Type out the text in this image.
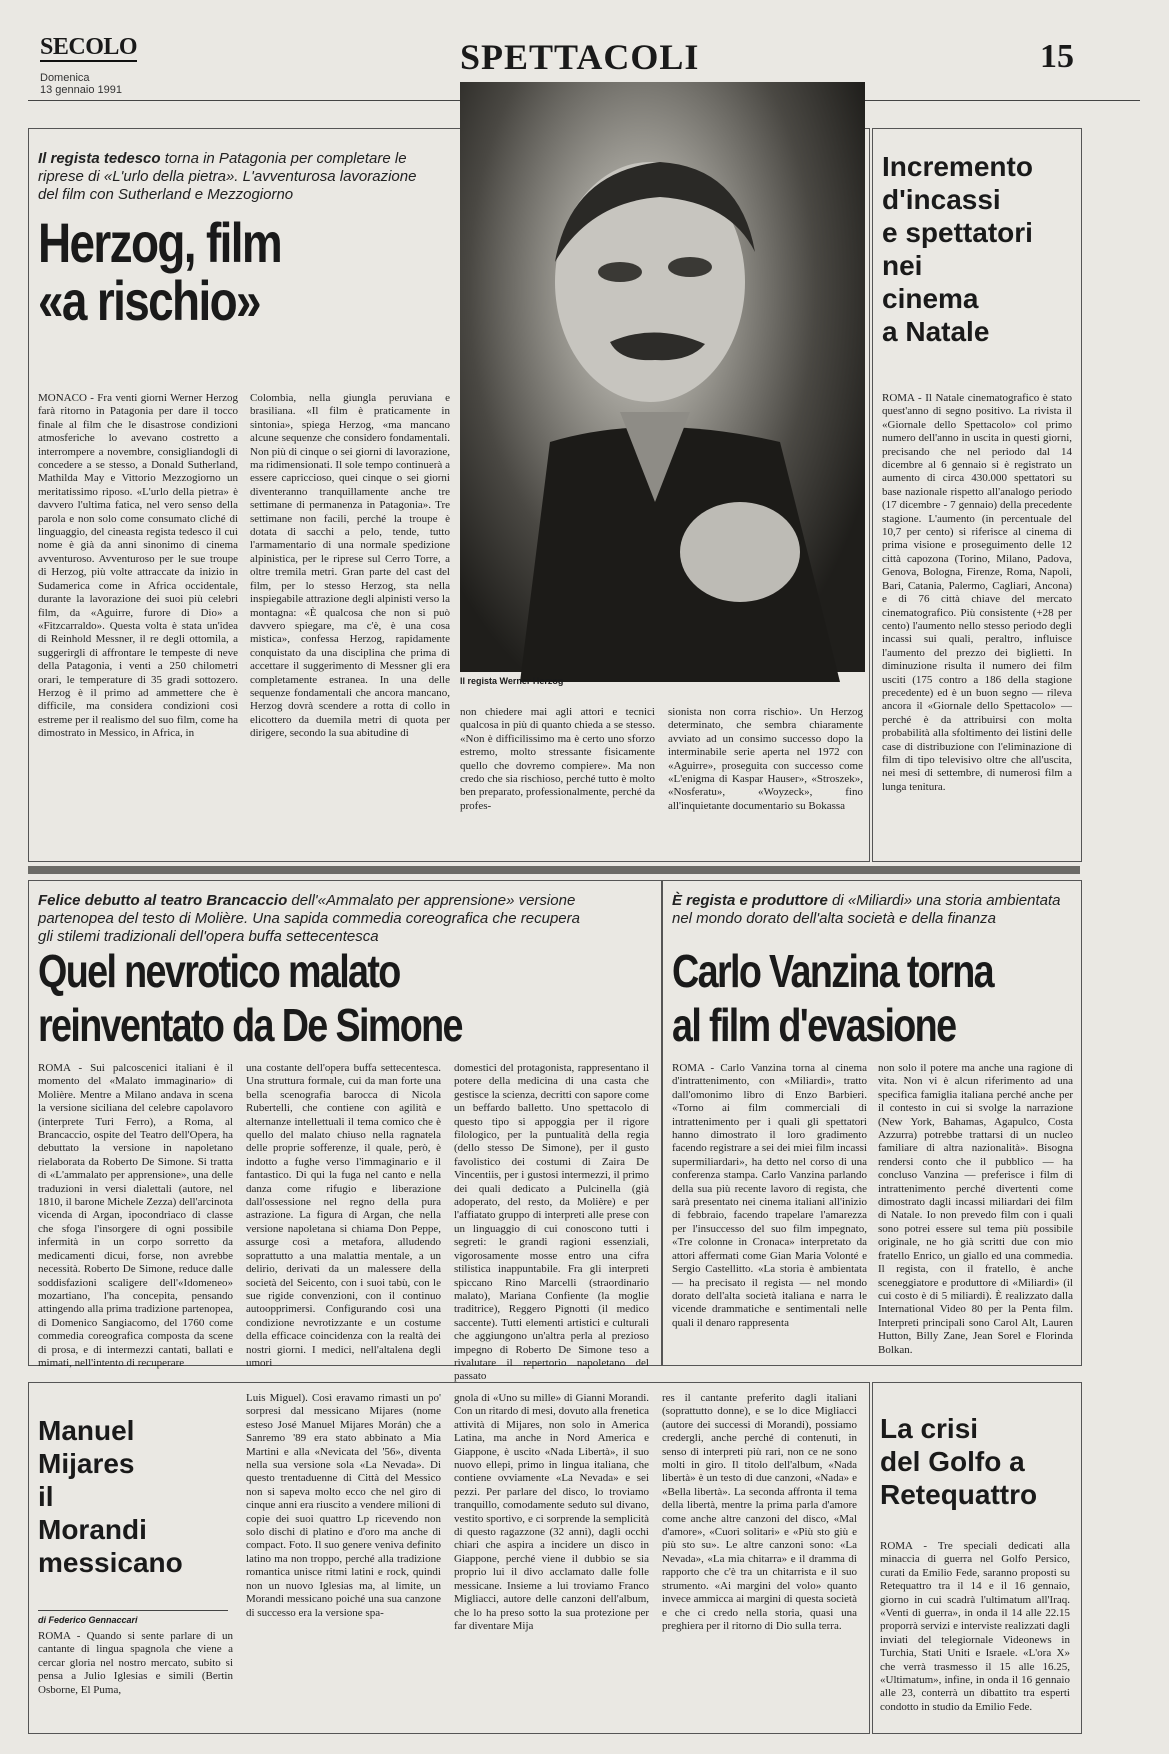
SECOLO
Domenica
13 gennaio 1991
SPETTACOLI	15
Il regista tedesco torna in Patagonia per completare le riprese di «L'urlo della pietra». L'avventurosa lavorazione del film con Sutherland e Mezzogiorno
Herzog, film
«a rischio»
Il regista Werner Herzog
MONACO - Fra venti giorni Werner Herzog farà ritorno in Patagonia per dare il tocco finale al film che le disastrose condizioni atmosferiche lo avevano costretto a interrompere a novembre, consigliandogli di concedere a se stesso, a Donald Sutherland, Mathilda May e Vittorio Mezzogiorno un meritatissimo riposo. «L'urlo della pietra» è davvero l'ultima fatica, nel vero senso della parola e non solo come consumato cliché di linguaggio, del cineasta regista tedesco il cui nome è già da anni sinonimo di cinema avventuroso. Avventuroso per le sue troupe di Herzog, più volte attraccate da inizio in Sudamerica come in Africa occidentale, durante la lavorazione dei suoi più celebri film, da «Aguirre, furore di Dio» a «Fitzcarraldo». Questa volta è stata un'idea di Reinhold Messner, il re degli ottomila, a suggerirgli di affrontare le tempeste di neve della Patagonia, i venti a 250 chilometri orari, le temperature di 35 gradi sottozero. Herzog è il primo ad ammettere che è difficile, ma considera condizioni così estreme per il realismo del suo film, come ha dimostrato in Messico, in Africa, in
Colombia, nella giungla peruviana e brasiliana. «Il film è praticamente in sintonia», spiega Herzog, «ma mancano alcune sequenze che considero fondamentali. Non più di cinque o sei giorni di lavorazione, ma ridimensionati. Il sole tempo continuerà a essere capriccioso, quei cinque o sei giorni diventeranno tranquillamente anche tre settimane di permanenza in Patagonia». Tre settimane non facili, perché la troupe è dotata di sacchi a pelo, tende, tutto l'armamentario di una normale spedizione alpinistica, per le riprese sul Cerro Torre, a oltre tremila metri. Gran parte del cast del film, per lo stesso Herzog, sta nella inspiegabile attrazione degli alpinisti verso la montagna: «È qualcosa che non si può davvero spiegare, ma c'è, è una cosa mistica», confessa Herzog, rapidamente conquistato da una disciplina che prima di accettare il suggerimento di Messner gli era completamente estranea. In una delle sequenze fondamentali che ancora mancano, Herzog dovrà scendere a rotta di collo in elicottero da duemila metri di quota per dirigere, secondo la sua abitudine di
non chiedere mai agli attori e tecnici qualcosa in più di quanto chieda a se stesso. «Non è difficilissimo ma è certo uno sforzo estremo, molto stressante fisicamente quello che dovremo compiere». Ma non credo che sia rischioso, perché tutto è molto ben preparato, professionalmente, perché da profes-
sionista non corra rischio». Un Herzog determinato, che sembra chiaramente avviato ad un consimo successo dopo la interminabile serie aperta nel 1972 con «Aguirre», proseguita con successo come «L'enigma di Kaspar Hauser», «Stroszek», «Nosferatu», «Woyzeck», fino all'inquietante documentario su Bokassa
Incremento
d'incassi
e spettatori
nei
cinema
a Natale
ROMA - Il Natale cinematografico è stato quest'anno di segno positivo. La rivista il «Giornale dello Spettacolo» col primo numero dell'anno in uscita in questi giorni, precisando che nel periodo dal 14 dicembre al 6 gennaio si è registrato un aumento di circa 430.000 spettatori su base nazionale rispetto all'analogo periodo (17 dicembre - 7 gennaio) della precedente stagione. L'aumento (in percentuale del 10,7 per cento) si riferisce al cinema di prima visione e proseguimento delle 12 città capozona (Torino, Milano, Padova, Genova, Bologna, Firenze, Roma, Napoli, Bari, Catania, Palermo, Cagliari, Ancona) e di 76 città chiave del mercato cinematografico. Più consistente (+28 per cento) l'aumento nello stesso periodo degli incassi sui quali, peraltro, influisce l'aumento del prezzo dei biglietti. In diminuzione risulta il numero dei film usciti (175 contro a 186 della stagione precedente) ed è un buon segno — rileva ancora il «Giornale dello Spettacolo» — perché è da attribuirsi con molta probabilità alla sfoltimento dei listini delle case di distribuzione con l'eliminazione di film di tipo televisivo oltre che all'uscita, nei mesi di settembre, di numerosi film a lunga tenitura.
Felice debutto al teatro Brancaccio dell'«Ammalato per apprensione» versione partenopea del testo di Molière. Una sapida commedia coreografica che recupera gli stilemi tradizionali dell'opera buffa settecentesca
Quel nevrotico malato
reinventato da De Simone
ROMA - Sui palcoscenici italiani è il momento del «Malato immaginario» di Molière. Mentre a Milano andava in scena la versione siciliana del celebre capolavoro (interprete Turi Ferro), a Roma, al Brancaccio, ospite del Teatro dell'Opera, ha debuttato la versione in napoletano rielaborata da Roberto De Simone. Si tratta di «L'ammalato per apprensione», una delle traduzioni in versi dialettali (autore, nel 1810, il barone Michele Zezza) dell'arcinota vicenda di Argan, ipocondriaco di classe che sfoga l'insorgere di ogni possibile infermità in un corpo sorretto da medicamenti dicui, forse, non avrebbe necessità. Roberto De Simone, reduce dalle soddisfazioni scaligere dell'«Idomeneo» mozartiano, l'ha concepita, pensando attingendo alla prima tradizione partenopea, di Domenico Sangiacomo, del 1760 come commedia coreografica composta da scene di prosa, e di intermezzi cantati, ballati e mimati, nell'intento di recuperare
una costante dell'opera buffa settecentesca. Una struttura formale, cui da man forte una bella scenografia barocca di Nicola Rubertelli, che contiene con agilità e alternanze intellettuali il tema comico che è quello del malato chiuso nella ragnatela delle proprie sofferenze, il quale, però, è indotto a fughe verso l'immaginario e il fantastico. Di qui la fuga nel canto e nella danza come rifugio e liberazione dall'ossessione nel regno della pura astrazione. La figura di Argan, che nella versione napoletana si chiama Don Peppe, assurge così a metafora, alludendo soprattutto a una malattia mentale, a un delirio, derivati da un malessere della società del Seicento, con i suoi tabù, con le sue rigide convenzioni, con il continuo autoopprimersi. Configurando così una condizione nevrotizzante e un costume della efficace coincidenza con la realtà dei nostri giorni. I medici, nell'altalena degli umori
domestici del protagonista, rappresentano il potere della medicina di una casta che gestisce la scienza, decritti con sapore come un beffardo balletto. Uno spettacolo di questo tipo si appoggia per il rigore filologico, per la puntualità della regia (dello stesso De Simone), per il gusto favolistico dei costumi di Zaira De Vincentiis, per i gustosi intermezzi, il primo dei quali dedicato a Pulcinella (già adoperato, del resto, da Molière) e per l'affiatato gruppo di interpreti alle prese con un linguaggio di cui conoscono tutti i segreti: le grandi ragioni essenziali, vigorosamente mosse entro una cifra stilistica inappuntabile. Fra gli interpreti spiccano Rino Marcelli (straordinario malato), Mariana Confiente (la moglie traditrice), Reggero Pignotti (il medico saccente). Tutti elementi artistici e culturali che aggiungono un'altra perla al prezioso impegno di Roberto De Simone teso a rivalutare il repertorio napoletano del passato
È regista e produttore di «Miliardi» una storia ambientata nel mondo dorato dell'alta società e della finanza
Carlo Vanzina torna
al film d'evasione
ROMA - Carlo Vanzina torna al cinema d'intrattenimento, con «Miliardi», tratto dall'omonimo libro di Enzo Barbieri. «Torno ai film commerciali di intrattenimento per i quali gli spettatori hanno dimostrato il loro gradimento facendo registrare a sei dei miei film incassi supermiliardari», ha detto nel corso di una conferenza stampa. Carlo Vanzina parlando della sua più recente lavoro di regista, che sarà presentato nei cinema italiani all'inizio di febbraio, facendo trapelare l'amarezza per l'insuccesso del suo film impegnato, «Tre colonne in Cronaca» interpretato da attori affermati come Gian Maria Volonté e Sergio Castellitto. «La storia è ambientata — ha precisato il regista — nel mondo dorato dell'alta società italiana e narra le vicende drammatiche e sentimentali nelle quali il denaro rappresenta
non solo il potere ma anche una ragione di vita. Non vi è alcun riferimento ad una specifica famiglia italiana perché anche per il contesto in cui si svolge la narrazione (New York, Bahamas, Agapulco, Costa Azzurra) potrebbe trattarsi di un nucleo familiare di altra nazionalità». Bisogna rendersi conto che il pubblico — ha concluso Vanzina — preferisce i film di intrattenimento perché divertenti come dimostrato dagli incassi miliardari dei film di Natale. Io non prevedo film con i quali sono potrei essere sul tema più possibile originale, ne ho già scritti due con mio fratello Enrico, un giallo ed una commedia. Il regista, con il fratello, è anche sceneggiatore e produttore di «Miliardi» (il cui costo è di 5 miliardi). È realizzato dalla International Video 80 per la Penta film. Interpreti principali sono Carol Alt, Lauren Hutton, Billy Zane, Jean Sorel e Florinda Bolkan.
Manuel
Mijares
il
Morandi
messicano
di Federico Gennaccari
ROMA - Quando si sente parlare di un cantante di lingua spagnola che viene a cercar gloria nel nostro mercato, subito si pensa a Julio Iglesias e simili (Bertin Osborne, El Puma,
Luis Miguel). Così eravamo rimasti un po' sorpresi dal messicano Mijares (nome esteso José Manuel Mijares Morán) che a Sanremo '89 era stato abbinato a Mia Martini e alla «Nevicata del '56», diventa nella sua versione sola «La Nevada». Di questo trentaduenne di Città del Messico non si sapeva molto ecco che nel giro di cinque anni era riuscito a vendere milioni di copie dei suoi quattro Lp ricevendo non solo dischi di platino e d'oro ma anche di compact. Foto. Il suo genere veniva definito latino ma non troppo, perché alla tradizione romantica unisce ritmi latini e rock, quindi non un nuovo Iglesias ma, al limite, un Morandi messicano poiché una sua canzone di successo era la versione spa-
gnola di «Uno su mille» di Gianni Morandi. Con un ritardo di mesi, dovuto alla frenetica attività di Mijares, non solo in America Latina, ma anche in Nord America e Giappone, è uscito «Nada Libertà», il suo nuovo ellepi, primo in lingua italiana, che contiene ovviamente «La Nevada» e sei pezzi. Per parlare del disco, lo troviamo tranquillo, comodamente seduto sul divano, vestito sportivo, e ci sorprende la semplicità di questo ragazzone (32 anni), dagli occhi chiari che aspira a incidere un disco in Giappone, perché viene il dubbio se sia proprio lui il divo acclamato dalle folle messicane. Insieme a lui troviamo Franco Migliacci, autore delle canzoni dell'album, che lo ha preso sotto la sua protezione per far diventare Mija
res il cantante preferito dagli italiani (soprattutto donne), e se lo dice Migliacci (autore dei successi di Morandi), possiamo credergli, anche perché di contenuti, in senso di interpreti più rari, non ce ne sono molti in giro. Il titolo dell'album, «Nada libertà» è un testo di due canzoni, «Nada» e «Bella libertà». La seconda affronta il tema della libertà, mentre la prima parla d'amore come anche altre canzoni del disco, «Mal d'amore», «Cuori solitari» e «Più sto giù e più sto su». Le altre canzoni sono: «La Nevada», «La mia chitarra» e il dramma di rapporto che c'è tra un chitarrista e il suo strumento. «Ai margini del volo» quanto invece ammicca ai margini di questa società e che ci credo nella storia, quasi una preghiera per il ritorno di Dio sulla terra.
La crisi
del Golfo a
Retequattro
ROMA - Tre speciali dedicati alla minaccia di guerra nel Golfo Persico, curati da Emilio Fede, saranno proposti su Retequattro tra il 14 e il 16 gennaio, giorno in cui scadrà l'ultimatum all'Iraq. «Venti di guerra», in onda il 14 alle 22.15 proporrà servizi e interviste realizzati dagli inviati del telegiornale Videonews in Turchia, Stati Uniti e Israele. «L'ora X» che verrà trasmesso il 15 alle 16.25, «Ultimatum», infine, in onda il 16 gennaio alle 23, conterrà un dibattito tra esperti condotto in studio da Emilio Fede.
